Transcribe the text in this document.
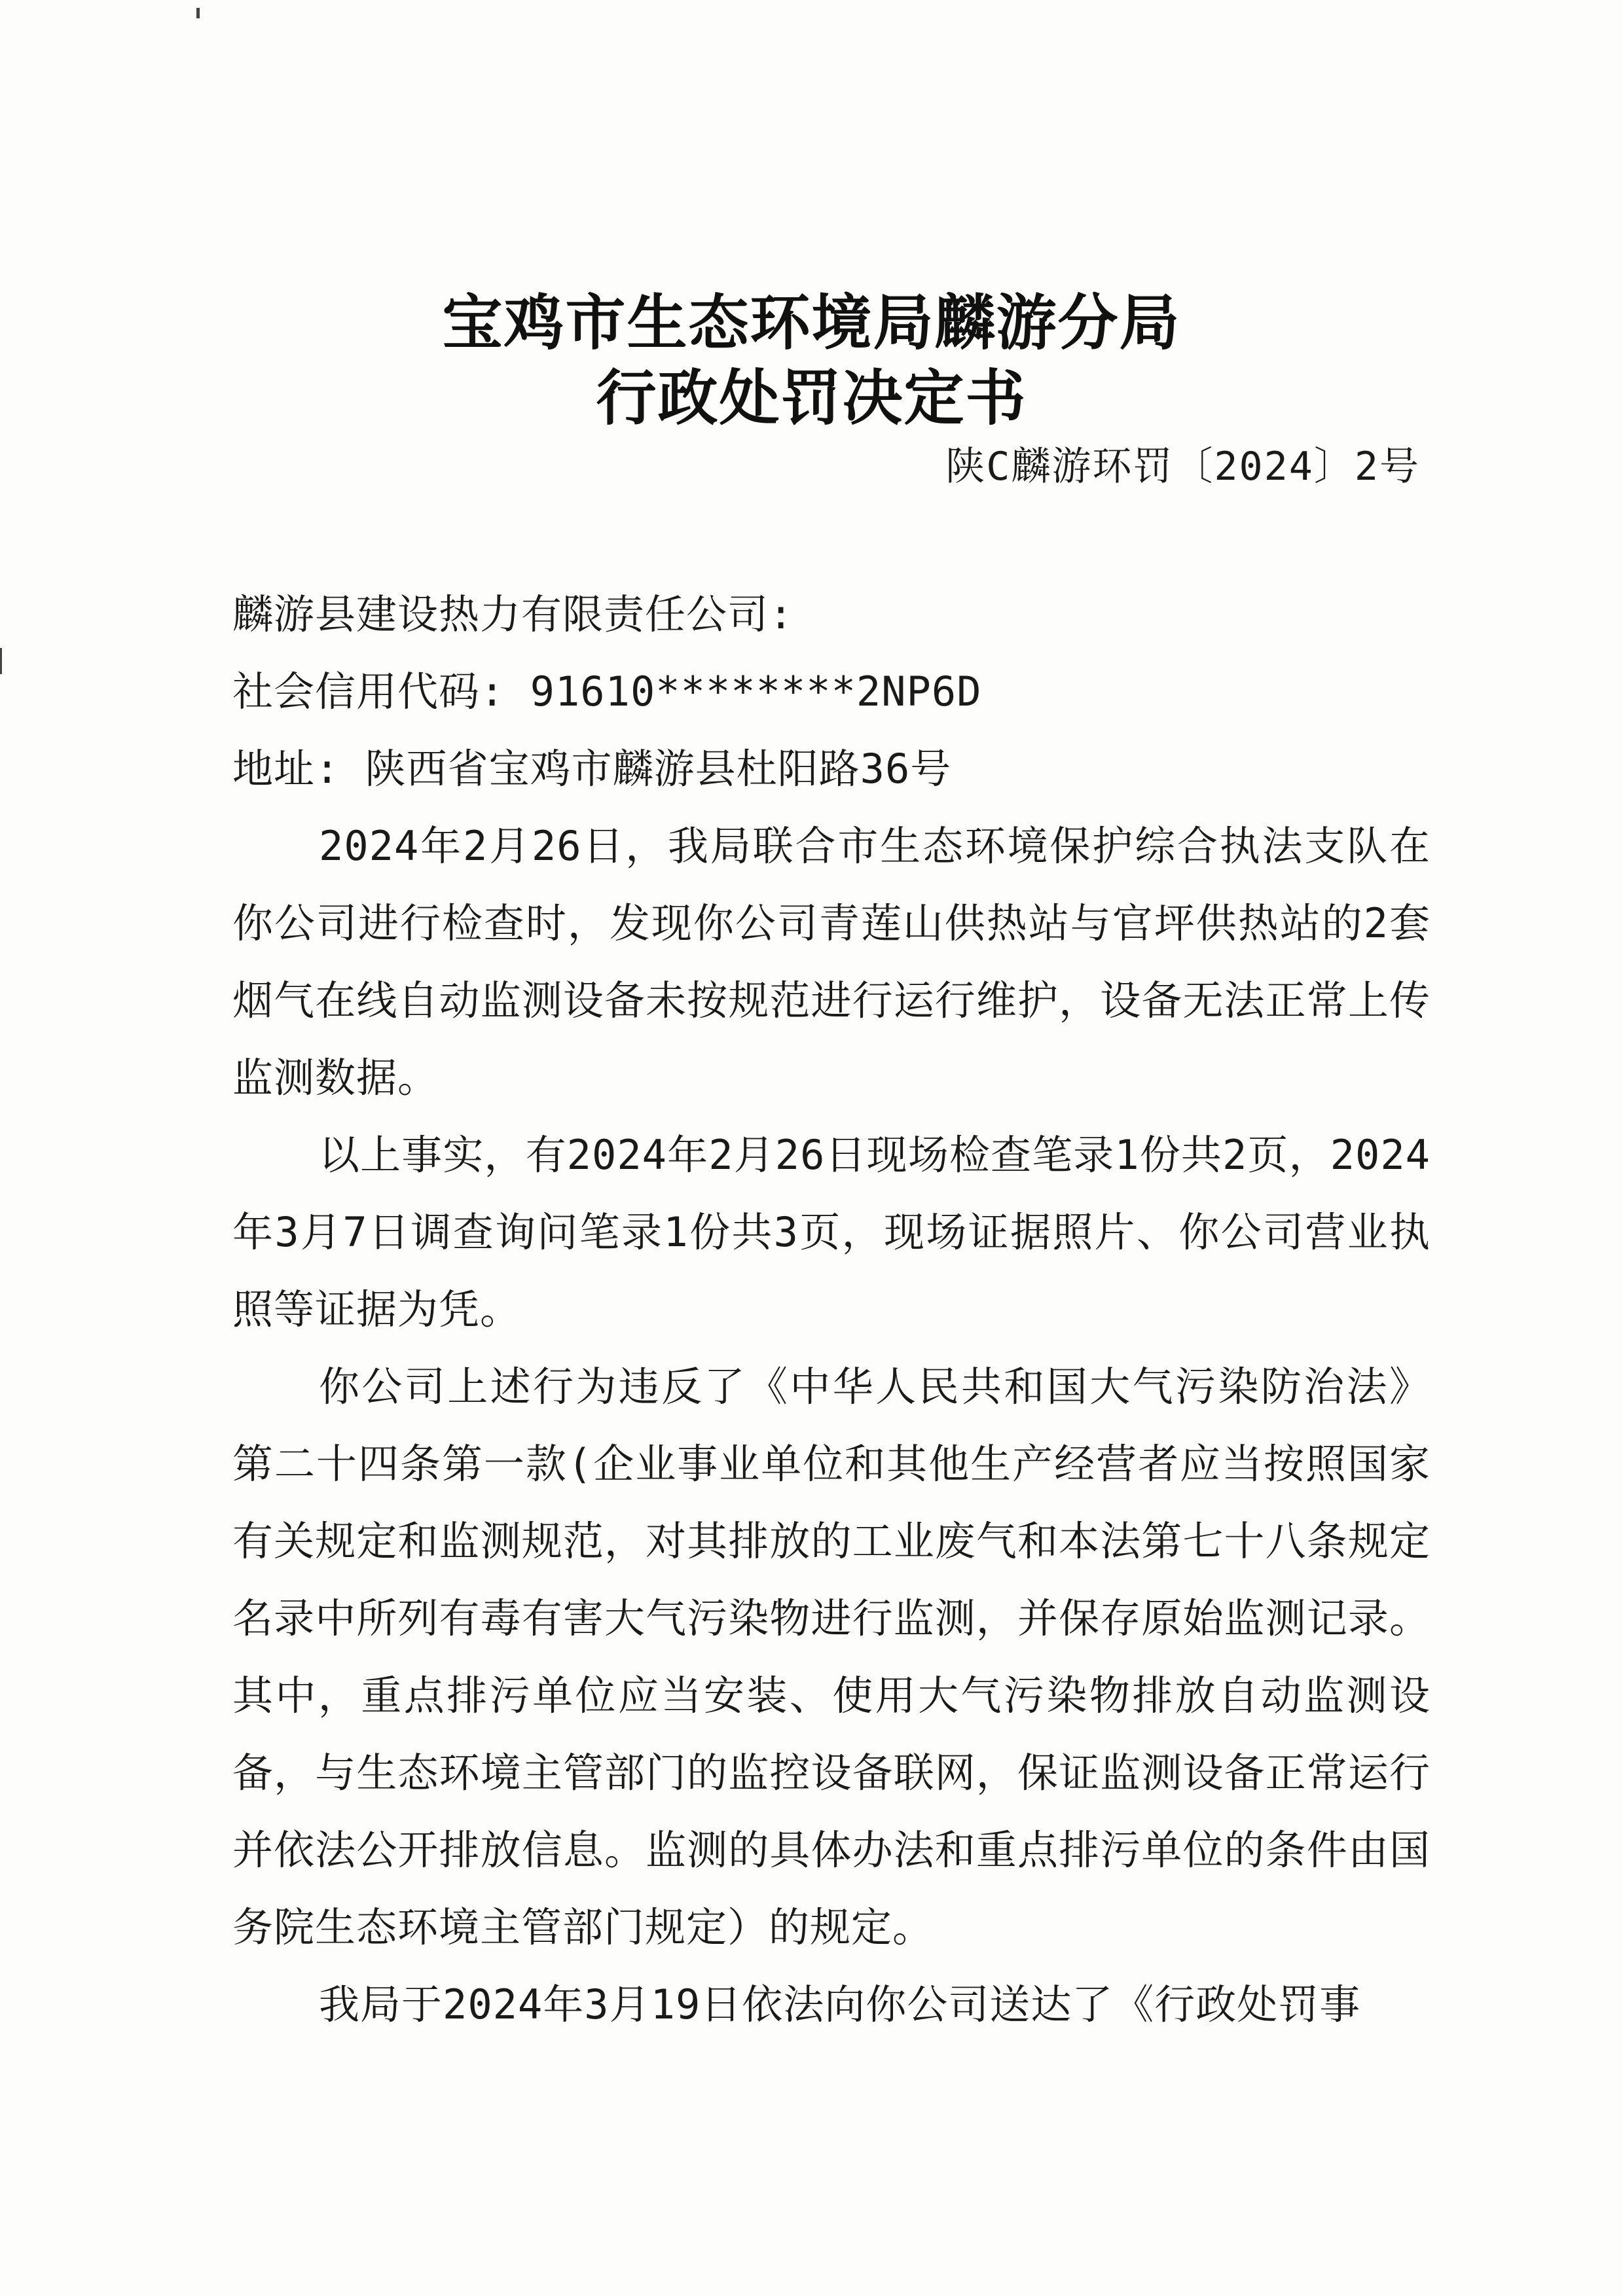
宝鸡市生态环境局麟游分局
行政处罚决定书
陕C麟游环罚〔2024〕2号

麟游县建设热力有限责任公司:

社会信用代码: 91610********2NP6D

地址: 陕西省宝鸡市麟游县杜阳路36号

2024年2月26日，我局联合市生态环境保护综合执法支队在你公司进行检查时，发现你公司青莲山供热站与官坪供热站的2套烟气在线自动监测设备未按规范进行运行维护，设备无法正常上传监测数据。

以上事实，有2024年2月26日现场检查笔录1份共2页，2024年3月7日调查询问笔录1份共3页，现场证据照片、你公司营业执照等证据为凭。

你公司上述行为违反了《中华人民共和国大气污染防治法》第二十四条第一款(企业事业单位和其他生产经营者应当按照国家有关规定和监测规范，对其排放的工业废气和本法第七十八条规定名录中所列有毒有害大气污染物进行监测，并保存原始监测记录。其中，重点排污单位应当安装、使用大气污染物排放自动监测设备，与生态环境主管部门的监控设备联网，保证监测设备正常运行并依法公开排放信息。监测的具体办法和重点排污单位的条件由国务院生态环境主管部门规定）的规定。

我局于2024年3月19日依法向你公司送达了《行政处罚事
